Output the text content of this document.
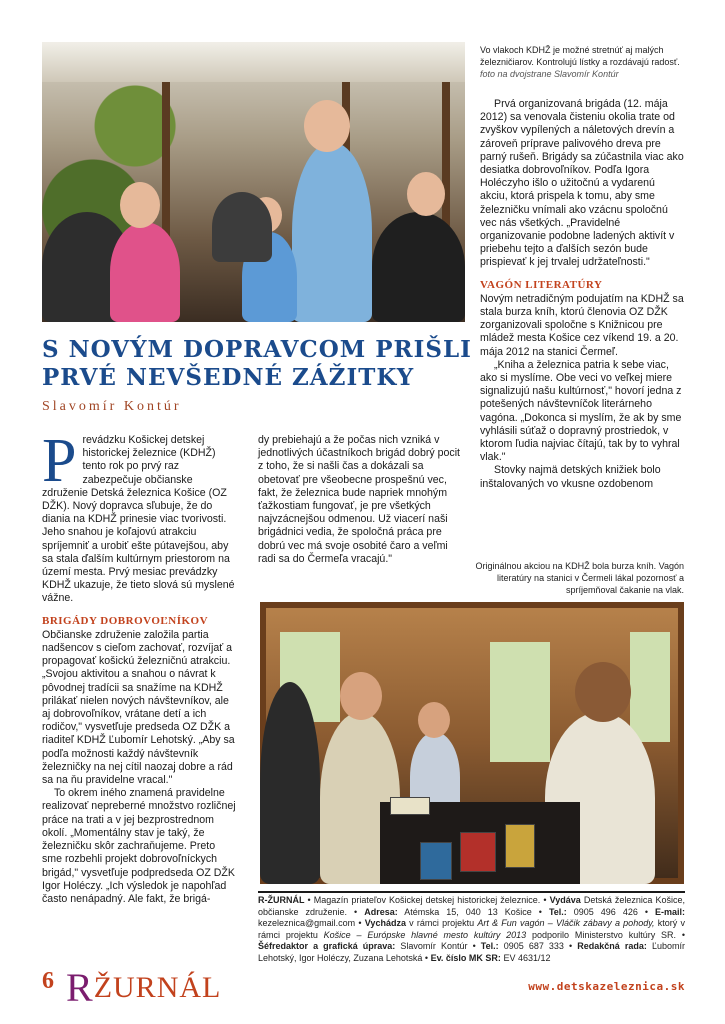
Vo vlakoch KDHŽ je možné stretnúť aj malých železničiarov. Kontrolujú lístky a rozdávajú radosť. foto na dvojstrane Slavomír Kontúr
S NOVÝM DOPRAVCOM PRIŠLI
PRVÉ NEVŠEDNÉ ZÁŽITKY
Slavomír Kontúr

Prevádzku Košickej detskej historickej železnice (KDHŽ) tento rok po prvý raz zabezpečuje občianske združenie Detská železnica Košice (OZ DŽK). Nový dopravca sľubuje, že do diania na KDHŽ prinesie viac tvorivosti. Jeho snahou je koľajovú atrakciu spríjemniť a urobiť ešte pútavejšou, aby sa stala ďalším kultúrnym priestorom na území mesta. Prvý mesiac prevádzky KDHŽ ukazuje, že tieto slová sú myslené vážne.

BRIGÁDY DOBROVOĽNÍKOV

Občianske združenie založila partia nadšencov s cieľom zachovať, rozvíjať a propagovať košickú železničnú atrakciu. „Svojou aktivitou a snahou o návrat k pôvodnej tradícii sa snažíme na KDHŽ prilákať nielen nových návštevníkov, ale aj dobrovoľníkov, vrátane detí a ich rodičov," vysvetľuje predseda OZ DŽK a riaditeľ KDHŽ Ľubomír Lehotský. „Aby sa podľa možnosti každý návštevník železničky na nej cítil naozaj dobre a rád sa na ňu pravidelne vracal."

To okrem iného znamená pravidelne realizovať nepreberné množstvo rozličnej práce na trati a v jej bezprostrednom okolí. „Momentálny stav je taký, že železničku skôr zachraňujeme. Preto sme rozbehli projekt dobrovoľníckych brigád," vysvetľuje podpredseda OZ DŽK Igor Holéczy. „Ich výsledok je napohľad často nenápadný. Ale fakt, že brigá-

dy prebiehajú a že počas nich vzniká v jednotlivých účastníkoch brigád dobrý pocit z toho, že si našli čas a dokázali sa obetovať pre všeobecne prospešnú vec, fakt, že železnica bude napriek mnohým ťažkostiam fungovať, je pre všetkých najvzácnejšou odmenou. Už viacerí naši brigádnici vedia, že spoločná práca pre dobrú vec má svoje osobité čaro a veľmi radi sa do Čermeľa vracajú."

Prvá organizovaná brigáda (12. mája 2012) sa venovala čisteniu okolia trate od zvyškov vypílených a náletových drevín a zároveň príprave palivového dreva pre parný rušeň. Brigády sa zúčastnila viac ako desiatka dobrovoľníkov. Podľa Igora Holéczyho išlo o užitočnú a vydarenú akciu, ktorá prispela k tomu, aby sme železničku vnímali ako vzácnu spoločnú vec nás všetkých. „Pravidelné organizovanie podobne ladených aktivít v priebehu tejto a ďalších sezón bude prispievať k jej trvalej udržateľnosti."

VAGÓN LITERATÚRY

Novým netradičným podujatím na KDHŽ sa stala burza kníh, ktorú členovia OZ DŽK zorganizovali spoločne s Knižnicou pre mládež mesta Košice cez víkend 19. a 20. mája 2012 na stanici Čermeľ.

„Kniha a železnica patria k sebe viac, ako si myslíme. Obe veci vo veľkej miere signalizujú našu kultúrnosť," hovorí jedna z potešených návštevníčok literárneho vagóna. „Dokonca si myslím, že ak by sme vyhlásili súťaž o dopravný prostriedok, v ktorom ľudia najviac čítajú, tak by to vyhral vlak."

Stovky najmä detských knižiek bolo inštalovaných vo vkusne ozdobenom

Originálnou akciou na KDHŽ bola burza kníh. Vagón literatúry na stanici v Čermeli lákal pozornosť a spríjemňoval čakanie na vlak.
R-ŽURNÁL • Magazín priateľov Košickej detskej historickej železnice. • Vydáva Detská železnica Košice, občianske združenie. • Adresa: Atémska 15, 040 13 Košice • Tel.: 0905 496 426 • E-mail: kezeleznica@gmail.com • Vychádza v rámci projektu Art & Fun vagón – Vláčik zábavy a pohody, ktorý v rámci projektu Košice – Európske hlavné mesto kultúry 2013 podporilo Ministerstvo kultúry SR. • Šéfredaktor a grafická úprava: Slavomír Kontúr • Tel.: 0905 687 333 • Redakčná rada: Ľubomír Lehotský, Igor Holéczy, Zuzana Lehotská • Ev. číslo MK SR: EV 4631/12
www.detskazeleznica.sk
6 RŽURNÁL
